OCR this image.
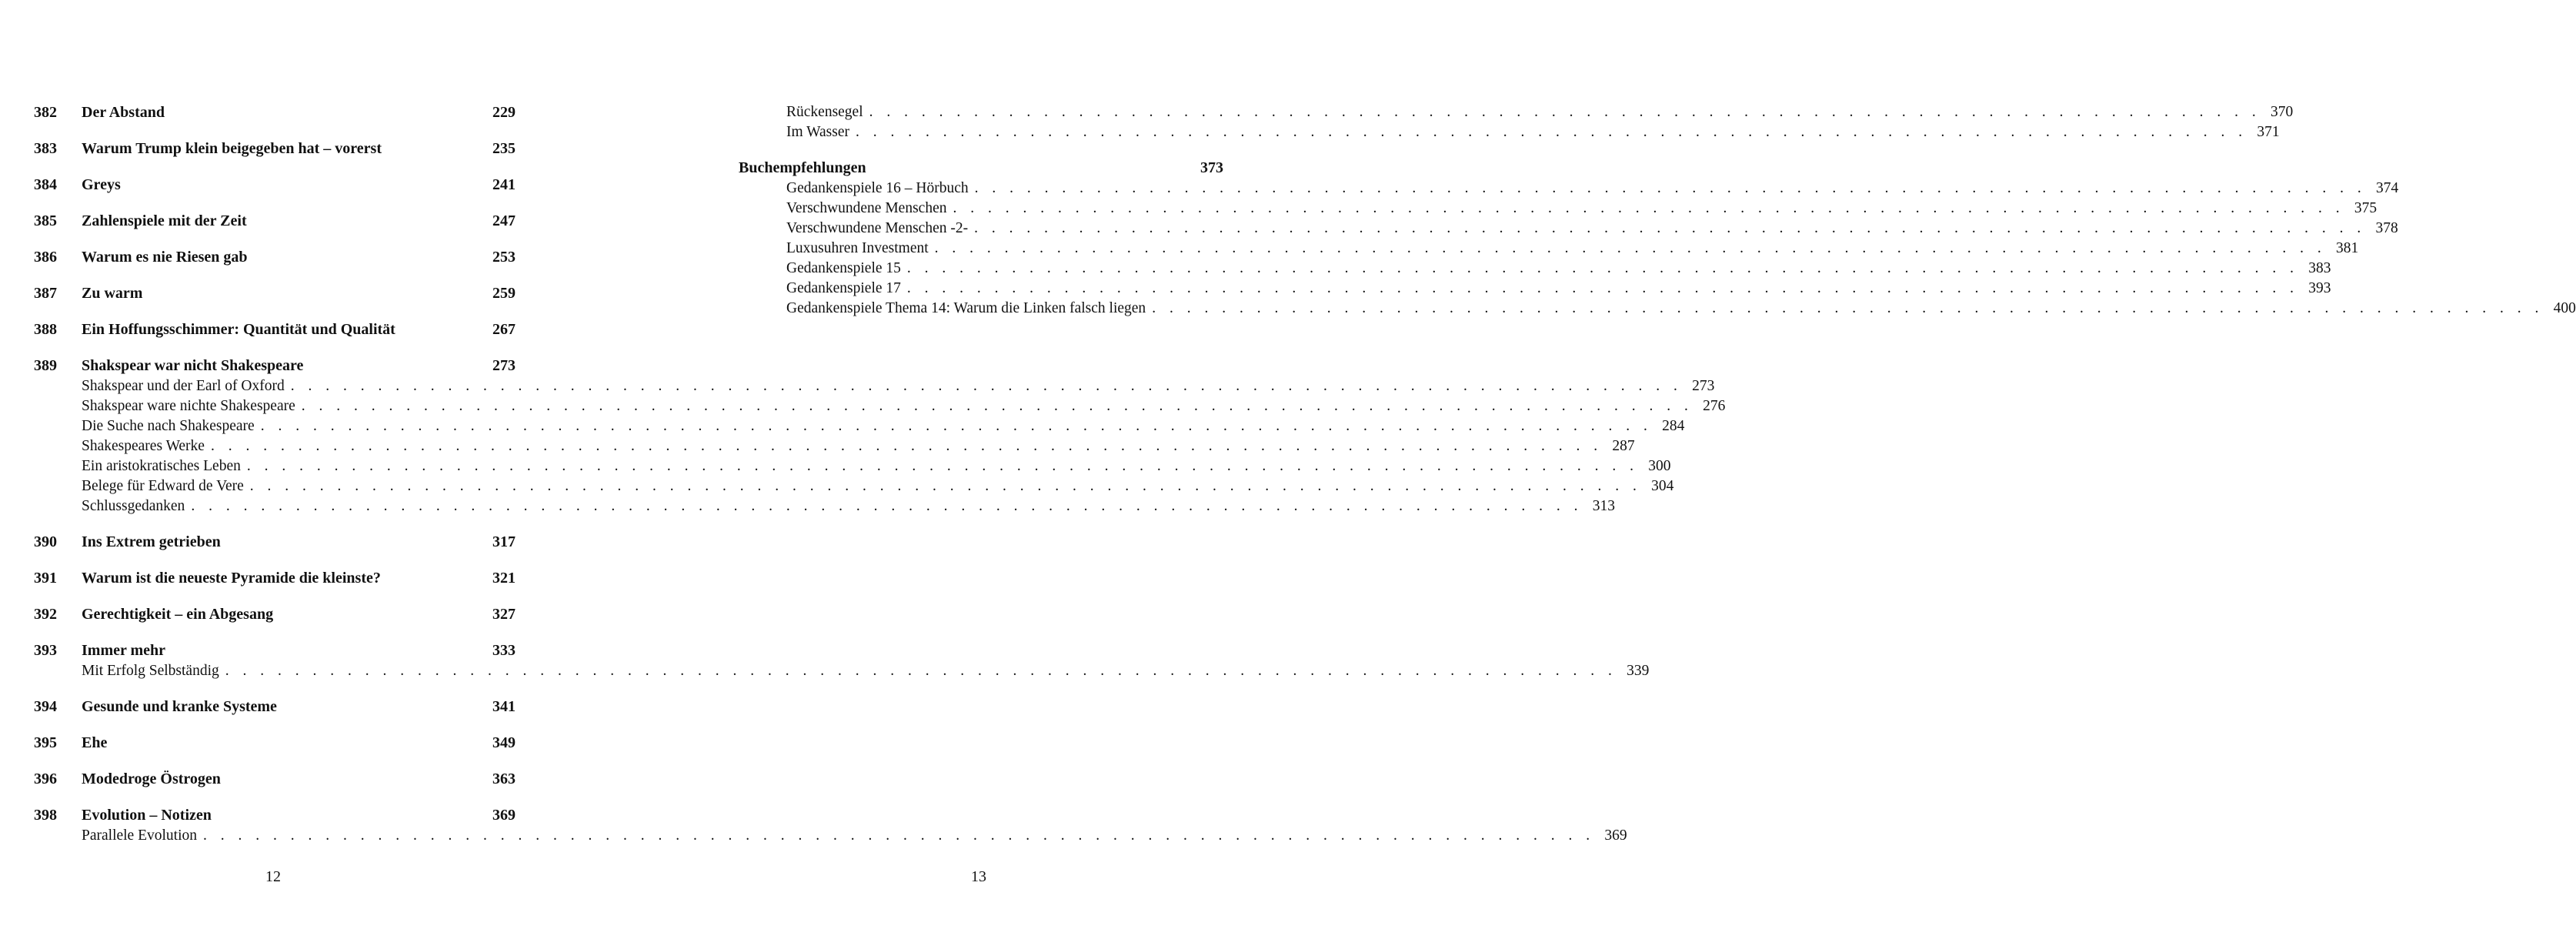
382	Der Abstand	229
383	Warum Trump klein beigegeben hat – vorerst	235
384	Greys	241
385	Zahlenspiele mit der Zeit	247
386	Warum es nie Riesen gab	253
387	Zu warm	259
388	Ein Hoffungsschimmer: Quantität und Qualität	267
389	Shakspear war nicht Shakespeare	273
Shakspear und der Earl of Oxford . . . . . . . . . . . . . . . . . . . . . . . . . . . . . . . . . . . . . . . . . . . . . . . . . . . . . . . . . . . . . . . . . . . . . . . . . . . . . . . . 273
Shakspear ware nichte Shakespeare . . . . . . . . . . . . . . . . . . . . . . . . . . . . . . . . . . . . . . . . . . . . . . . . . . . . . . . . . . . . . . . . . . . . . . . . . . . . . . . . 276
Die Suche nach Shakespeare . . . . . . . . . . . . . . . . . . . . . . . . . . . . . . . . . . . . . . . . . . . . . . . . . . . . . . . . . . . . . . . . . . . . . . . . . . . . . . . . 284
Shakespeares Werke . . . . . . . . . . . . . . . . . . . . . . . . . . . . . . . . . . . . . . . . . . . . . . . . . . . . . . . . . . . . . . . . . . . . . . . . . . . . . . . . 287
Ein aristokratisches Leben . . . . . . . . . . . . . . . . . . . . . . . . . . . . . . . . . . . . . . . . . . . . . . . . . . . . . . . . . . . . . . . . . . . . . . . . . . . . . . . . 300
Belege für Edward de Vere . . . . . . . . . . . . . . . . . . . . . . . . . . . . . . . . . . . . . . . . . . . . . . . . . . . . . . . . . . . . . . . . . . . . . . . . . . . . . . . . 304
Schlussgedanken . . . . . . . . . . . . . . . . . . . . . . . . . . . . . . . . . . . . . . . . . . . . . . . . . . . . . . . . . . . . . . . . . . . . . . . . . . . . . . . . 313
390	Ins Extrem getrieben	317
391	Warum ist die neueste Pyramide die kleinste?	321
392	Gerechtigkeit – ein Abgesang	327
393	Immer mehr	333
Mit Erfolg Selbständig . . . . . . . . . . . . . . . . . . . . . . . . . . . . . . . . . . . . . . . . . . . . . . . . . . . . . . . . . . . . . . . . . . . . . . . . . . . . . . . . 339
394	Gesunde und kranke Systeme	341
395	Ehe	349
396	Modedroge Östrogen	363
398	Evolution – Notizen	369
Parallele Evolution . . . . . . . . . . . . . . . . . . . . . . . . . . . . . . . . . . . . . . . . . . . . . . . . . . . . . . . . . . . . . . . . . . . . . . . . . . . . . . . . 369
12
Rückensegel . . . . . . . . . . . . . . . . . . . . . . . . . . . . . . . . . . . . . . . . . . . . . . . . . . . . . . . . . . . . . . . . . . . . . . . . . . . . . . . . 370
Im Wasser . . . . . . . . . . . . . . . . . . . . . . . . . . . . . . . . . . . . . . . . . . . . . . . . . . . . . . . . . . . . . . . . . . . . . . . . . . . . . . . . 371
Buchempfehlungen	373
Gedankenspiele 16 – Hörbuch . . . . . . . . . . . . . . . . . . . . . . . . . . . . . . . . . . . . . . . . . . . . . . . . . . . . . . . . . . . . . . . . . . . . . . . . . . . . . . . . 374
Verschwundene Menschen . . . . . . . . . . . . . . . . . . . . . . . . . . . . . . . . . . . . . . . . . . . . . . . . . . . . . . . . . . . . . . . . . . . . . . . . . . . . . . . . 375
Verschwundene Menschen -2- . . . . . . . . . . . . . . . . . . . . . . . . . . . . . . . . . . . . . . . . . . . . . . . . . . . . . . . . . . . . . . . . . . . . . . . . . . . . . . . . 378
Luxusuhren Investment . . . . . . . . . . . . . . . . . . . . . . . . . . . . . . . . . . . . . . . . . . . . . . . . . . . . . . . . . . . . . . . . . . . . . . . . . . . . . . . . 381
Gedankenspiele 15 . . . . . . . . . . . . . . . . . . . . . . . . . . . . . . . . . . . . . . . . . . . . . . . . . . . . . . . . . . . . . . . . . . . . . . . . . . . . . . . . 383
Gedankenspiele 17 . . . . . . . . . . . . . . . . . . . . . . . . . . . . . . . . . . . . . . . . . . . . . . . . . . . . . . . . . . . . . . . . . . . . . . . . . . . . . . . . 393
Gedankenspiele Thema 14: Warum die Linken falsch liegen . . . . . . . . . . . . . . . . . . . . . . . . . . . . . . . . . . . . . . . . . . . . . . . . . . . . . . . . . . . . . . . . . . . . . . . . . . . . . . . . 400
13
